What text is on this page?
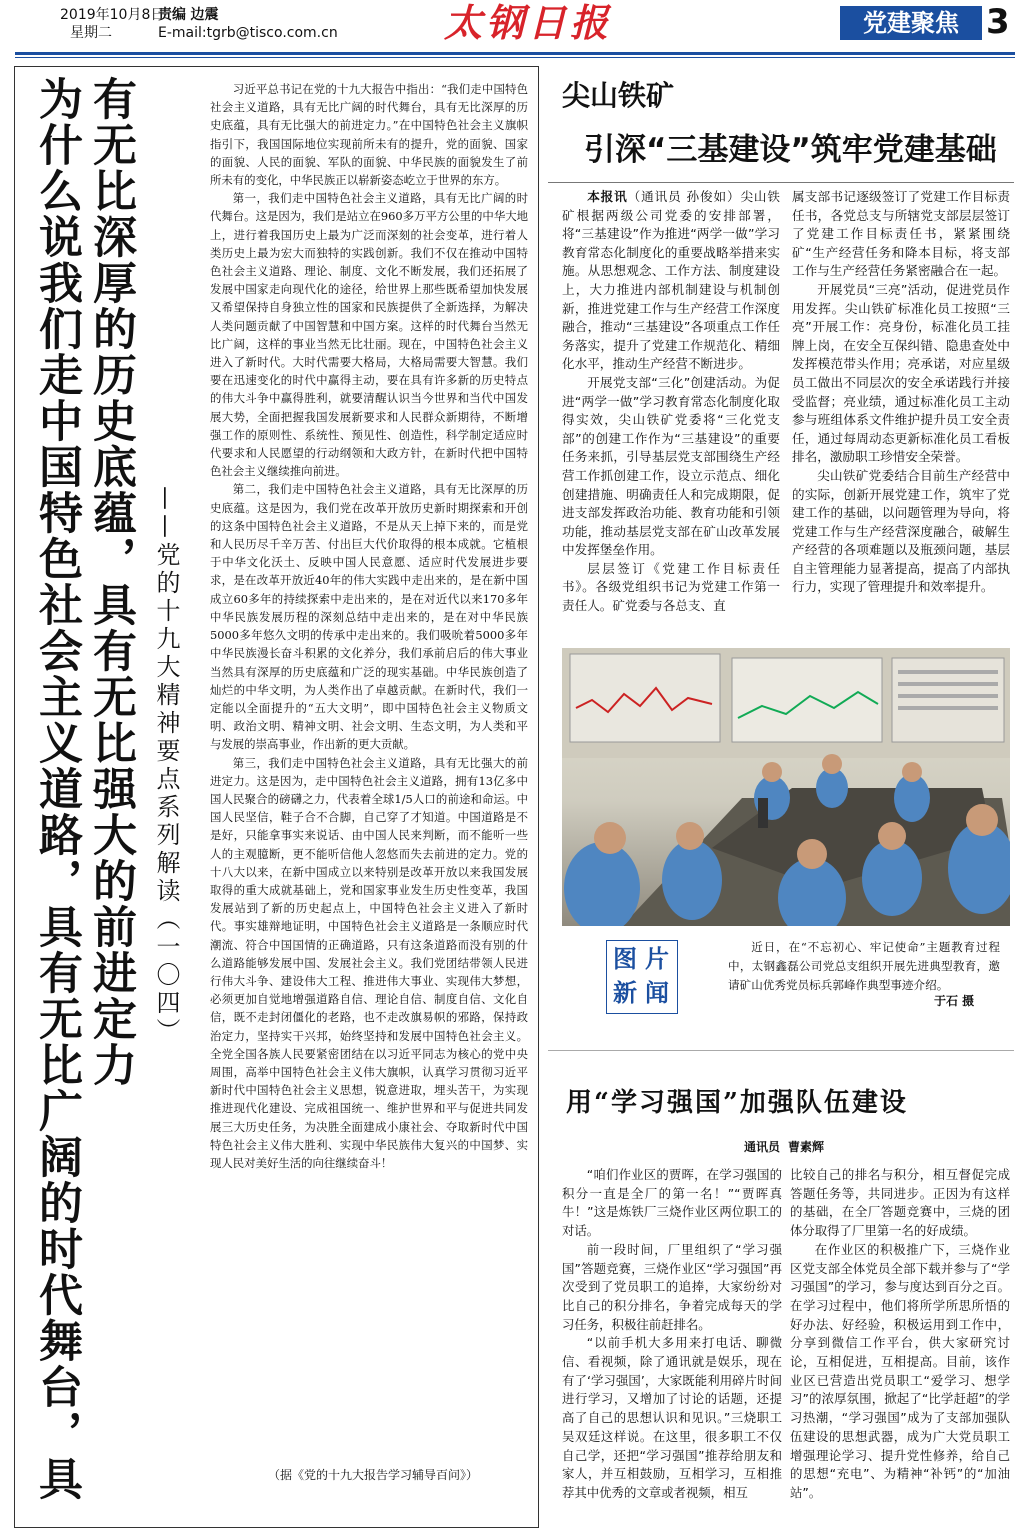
2019年10月8日
星期二
责编 边震
E-mail:tgrb@tisco.com.cn	太钢日报	党建聚焦 3
有无比深厚的历史底蕴，具有无比强大的前进定力
为什么说我们走中国特色社会主义道路，具有无比广阔的时代舞台，具	——党的十九大精神要点系列解读（一〇四）

习近平总书记在党的十九大报告中指出：“我们走中国特色社会主义道路，具有无比广阔的时代舞台，具有无比深厚的历史底蕴，具有无比强大的前进定力。”在中国特色社会主义旗帜指引下，我国国际地位实现前所未有的提升，党的面貌、国家的面貌、人民的面貌、军队的面貌、中华民族的面貌发生了前所未有的变化，中华民族正以崭新姿态屹立于世界的东方。

第一，我们走中国特色社会主义道路，具有无比广阔的时代舞台。这是因为，我们是站立在960多万平方公里的中华大地上，进行着我国历史上最为广泛而深刻的社会变革，进行着人类历史上最为宏大而独特的实践创新。我们不仅在推动中国特色社会主义道路、理论、制度、文化不断发展，我们还拓展了发展中国家走向现代化的途径，给世界上那些既希望加快发展又希望保持自身独立性的国家和民族提供了全新选择，为解决人类问题贡献了中国智慧和中国方案。这样的时代舞台当然无比广阔，这样的事业当然无比壮丽。现在，中国特色社会主义进入了新时代。大时代需要大格局，大格局需要大智慧。我们要在迅速变化的时代中赢得主动，要在具有许多新的历史特点的伟大斗争中赢得胜利，就要清醒认识当今世界和当代中国发展大势，全面把握我国发展新要求和人民群众新期待，不断增强工作的原则性、系统性、预见性、创造性，科学制定适应时代要求和人民愿望的行动纲领和大政方针，在新时代把中国特色社会主义继续推向前进。

第二，我们走中国特色社会主义道路，具有无比深厚的历史底蕴。这是因为，我们党在改革开放历史新时期探索和开创的这条中国特色社会主义道路，不是从天上掉下来的，而是党和人民历尽千辛万苦、付出巨大代价取得的根本成就。它植根于中华文化沃土、反映中国人民意愿、适应时代发展进步要求，是在改革开放近40年的伟大实践中走出来的，是在新中国成立60多年的持续探索中走出来的，是在对近代以来170多年中华民族发展历程的深刻总结中走出来的，是在对中华民族5000多年悠久文明的传承中走出来的。我们吸吮着5000多年中华民族漫长奋斗积累的文化养分，我们承前启后的伟大事业当然具有深厚的历史底蕴和广泛的现实基础。中华民族创造了灿烂的中华文明，为人类作出了卓越贡献。在新时代，我们一定能以全面提升的“五大文明”，即中国特色社会主义物质文明、政治文明、精神文明、社会文明、生态文明，为人类和平与发展的崇高事业，作出新的更大贡献。

第三，我们走中国特色社会主义道路，具有无比强大的前进定力。这是因为，走中国特色社会主义道路，拥有13亿多中国人民聚合的磅礴之力，代表着全球1/5人口的前途和命运。中国人民坚信，鞋子合不合脚，自己穿了才知道。中国道路是不是好，只能拿事实来说话、由中国人民来判断，而不能听一些人的主观臆断，更不能听信他人忽悠而失去前进的定力。党的十八大以来，在新中国成立以来特别是改革开放以来我国发展取得的重大成就基础上，党和国家事业发生历史性变革，我国发展站到了新的历史起点上，中国特色社会主义进入了新时代。事实雄辩地证明，中国特色社会主义道路是一条顺应时代潮流、符合中国国情的正确道路，只有这条道路而没有别的什么道路能够发展中国、发展社会主义。我们党团结带领人民进行伟大斗争、建设伟大工程、推进伟大事业、实现伟大梦想，必须更加自觉地增强道路自信、理论自信、制度自信、文化自信，既不走封闭僵化的老路，也不走改旗易帜的邪路，保持政治定力，坚持实干兴邦，始终坚持和发展中国特色社会主义。全党全国各族人民要紧密团结在以习近平同志为核心的党中央周围，高举中国特色社会主义伟大旗帜，认真学习贯彻习近平新时代中国特色社会主义思想，锐意进取，埋头苦干，为实现推进现代化建设、完成祖国统一、维护世界和平与促进共同发展三大历史任务，为决胜全面建成小康社会、夺取新时代中国特色社会主义伟大胜利、实现中华民族伟大复兴的中国梦、实现人民对美好生活的向往继续奋斗！

（据《党的十九大报告学习辅导百问》）
尖山铁矿
引深“三基建设”筑牢党建基础

本报讯（通讯员 孙俊如）尖山铁矿根据两级公司党委的安排部署，将“三基建设”作为推进“两学一做”学习教育常态化制度化的重要战略举措来实施。从思想观念、工作方法、制度建设上，大力推进内部机制建设与机制创新，推进党建工作与生产经营工作深度融合，推动“三基建设”各项重点工作任务落实，提升了党建工作规范化、精细化水平，推动生产经营不断进步。

开展党支部“三化”创建活动。为促进“两学一做”学习教育常态化制度化取得实效，尖山铁矿党委将“三化党支部”的创建工作作为“三基建设”的重要任务来抓，引导基层党支部围绕生产经营工作抓创建工作，设立示范点、细化创建措施、明确责任人和完成期限，促进支部发挥政治功能、教育功能和引领功能，推动基层党支部在矿山改革发展中发挥堡垒作用。

层层签订《党建工作目标责任书》。各级党组织书记为党建工作第一责任人。矿党委与各总支、直

属支部书记逐级签订了党建工作目标责任书，各党总支与所辖党支部层层签订了党建工作目标责任书，紧紧围绕矿“生产经营任务和降本目标，将支部工作与生产经营任务紧密融合在一起。

开展党员“三亮”活动，促进党员作用发挥。尖山铁矿标准化员工按照“三亮”开展工作：亮身份，标准化员工挂牌上岗，在安全互保纠错、隐患查处中发挥模范带头作用；亮承诺，对应星级员工做出不同层次的安全承诺践行并接受监督；亮业绩，通过标准化员工主动参与班组体系文件维护提升员工安全责任，通过每周动态更新标准化员工看板排名，激励职工珍惜安全荣誉。

尖山铁矿党委结合目前生产经营中的实际，创新开展党建工作，筑牢了党建工作的基础，以问题管理为导向，将党建工作与生产经营深度融合，破解生产经营的各项难题以及瓶颈问题，基层自主管理能力显著提高，提高了内部执行力，实现了管理提升和效率提升。

图 片
新 闻

近日，在“不忘初心、牢记使命”主题教育过程中，太钢鑫磊公司党总支组织开展先进典型教育，邀请矿山优秀党员标兵郭峰作典型事迹介绍。

于石 摄
用“学习强国”加强队伍建设
通讯员 曹素辉

“咱们作业区的贾晖，在学习强国的积分一直是全厂的第一名！”“贾晖真牛！”这是炼铁厂三烧作业区两位职工的对话。

前一段时间，厂里组织了“学习强国”答题竞赛，三烧作业区“学习强国”再次受到了党员职工的追捧，大家纷纷对比自己的积分排名，争着完成每天的学习任务，积极往前赶排名。

“以前手机大多用来打电话、聊微信、看视频，除了通讯就是娱乐，现在有了‘学习强国’，大家既能利用碎片时间进行学习，又增加了讨论的话题，还提高了自己的思想认识和见识。”三烧职工吴双廷这样说。在这里，很多职工不仅自己学，还把“学习强国”推荐给朋友和家人，并互相鼓励，互相学习，互相推荐其中优秀的文章或者视频，相互

比较自己的排名与积分，相互督促完成答题任务等，共同进步。正因为有这样的基础，在全厂答题竞赛中，三烧的团体分取得了厂里第一名的好成绩。

在作业区的积极推广下，三烧作业区党支部全体党员全部下载并参与了“学习强国”的学习，参与度达到百分之百。在学习过程中，他们将所学所思所悟的好办法、好经验，积极运用到工作中，分享到微信工作平台，供大家研究讨论，互相促进，互相提高。目前，该作业区已营造出党员职工“爱学习、想学习”的浓厚氛围，掀起了“比学赶超”的学习热潮，“学习强国”成为了支部加强队伍建设的思想武器，成为广大党员职工增强理论学习、提升党性修养，给自己的思想“充电”、为精神“补钙”的“加油站”。
